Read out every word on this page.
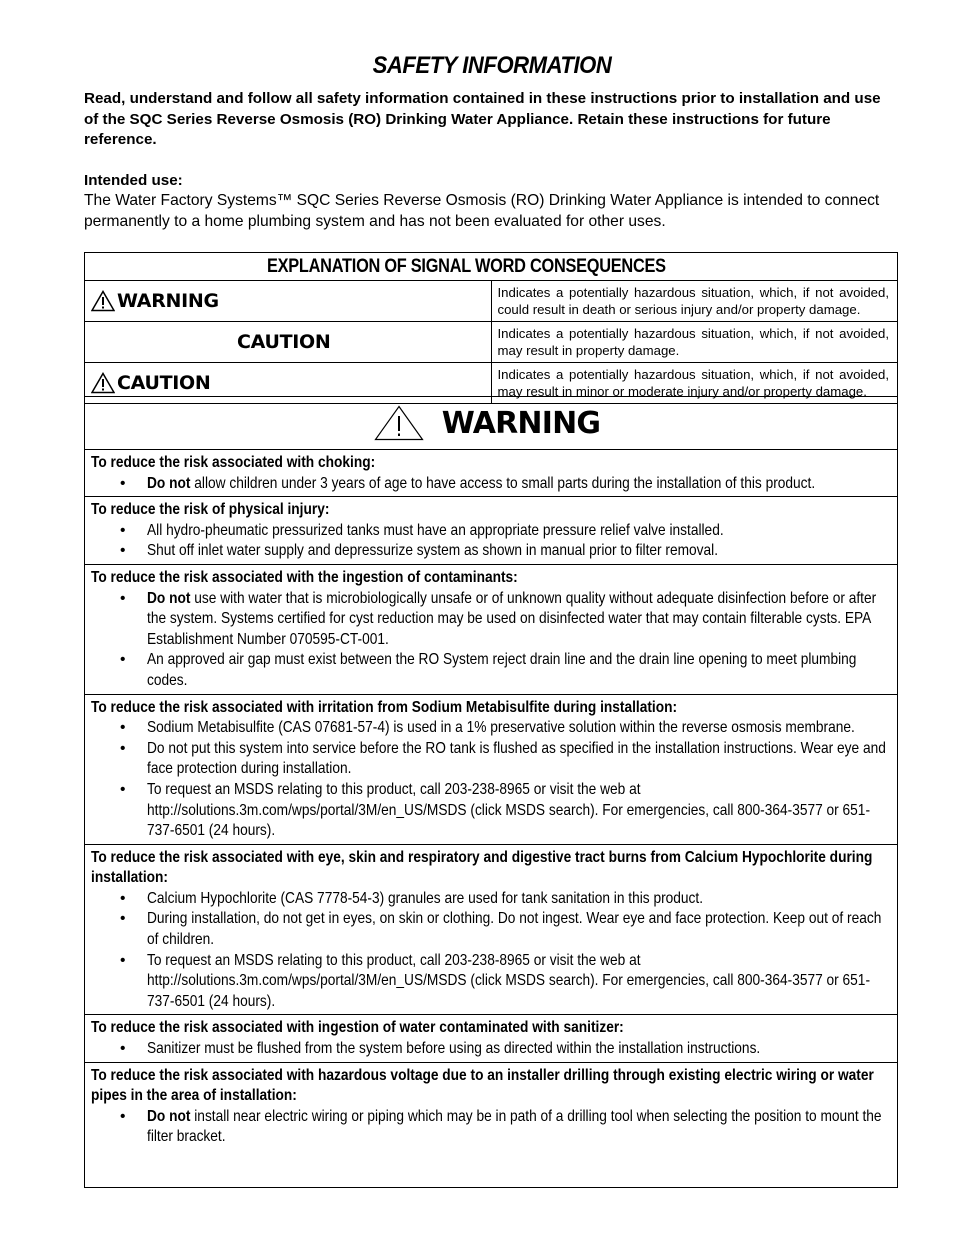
SAFETY INFORMATION
Read, understand and follow all safety information contained in these instructions prior to installation and use of the SQC Series Reverse Osmosis (RO) Drinking Water Appliance. Retain these instructions for future reference.
Intended use:
The Water Factory Systems™ SQC Series Reverse Osmosis (RO) Drinking Water Appliance is intended to connect permanently to a home plumbing system and has not been evaluated for other uses.
EXPLANATION OF SIGNAL WORD CONSEQUENCES	

WARNING	Indicates a potentially hazardous situation, which, if not avoided, could result in death or serious injury and/or property damage.

CAUTION	Indicates a potentially hazardous situation, which, if not avoided, may result in property damage.

CAUTION	Indicates a potentially hazardous situation, which, if not avoided, may result in minor or moderate injury and/or property damage.
WARNING
To reduce the risk associated with choking:
• Do not allow children under 3 years of age to have access to small parts during the installation of this product.
To reduce the risk of physical injury:
• All hydro-pheumatic pressurized tanks must have an appropriate pressure relief valve installed.
• Shut off inlet water supply and depressurize system as shown in manual prior to filter removal.
To reduce the risk associated with the ingestion of contaminants:
• Do not use with water that is microbiologically unsafe or of unknown quality without adequate disinfection before or after the system. Systems certified for cyst reduction may be used on disinfected water that may contain filterable cysts. EPA Establishment Number 070595-CT-001.
• An approved air gap must exist between the RO System reject drain line and the drain line opening to meet plumbing codes.
To reduce the risk associated with irritation from Sodium Metabisulfite during installation:
• Sodium Metabisulfite (CAS 07681-57-4) is used in a 1% preservative solution within the reverse osmosis membrane.
• Do not put this system into service before the RO tank is flushed as specified in the installation instructions. Wear eye and face protection during installation.
• To request an MSDS relating to this product, call 203-238-8965 or visit the web at http://solutions.3m.com/wps/portal/3M/en_US/MSDS (click MSDS search). For emergencies, call 800-364-3577 or 651-737-6501 (24 hours).
To reduce the risk associated with eye, skin and respiratory and digestive tract burns from Calcium Hypochlorite during installation:
• Calcium Hypochlorite (CAS 7778-54-3) granules are used for tank sanitation in this product.
• During installation, do not get in eyes, on skin or clothing. Do not ingest. Wear eye and face protection. Keep out of reach of children.
• To request an MSDS relating to this product, call 203-238-8965 or visit the web at http://solutions.3m.com/wps/portal/3M/en_US/MSDS (click MSDS search). For emergencies, call 800-364-3577 or 651-737-6501 (24 hours).
To reduce the risk associated with ingestion of water contaminated with sanitizer:
• Sanitizer must be flushed from the system before using as directed within the installation instructions.
To reduce the risk associated with hazardous voltage due to an installer drilling through existing electric wiring or water pipes in the area of installation:
• Do not install near electric wiring or piping which may be in path of a drilling tool when selecting the position to mount the filter bracket.
